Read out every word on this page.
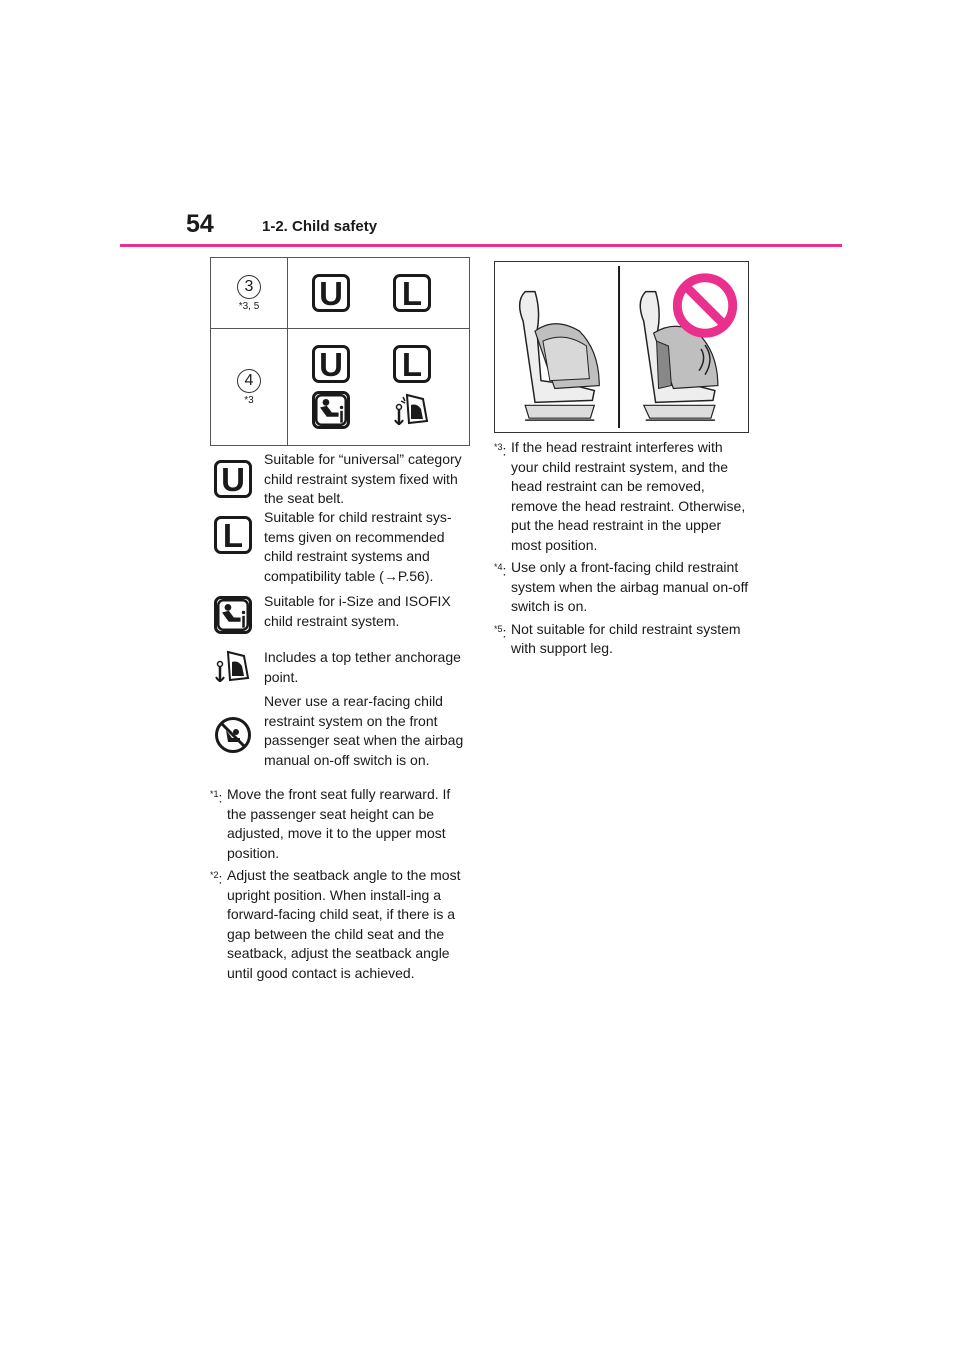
54	1-2. Child safety
3
*3, 5 U L
4
*3
U L
U
Suitable for “universal” category child restraint system fixed with the seat belt.
L	Suitable for child restraint sys-tems given on recommended child restraint systems and compatibility table (→P.56).
Suitable for i-Size and ISOFIX child restraint system.
Includes a top tether anchorage point.
Never use a rear-facing child restraint system on the front passenger seat when the airbag manual on-off switch is on.
$^{*1}$: Move the front seat fully rearward. If the passenger seat height can be adjusted, move it to the upper most position.
$^{*2}$: Adjust the seatback angle to the most upright position. When install-ing a forward-facing child seat, if there is a gap between the child seat and the seatback, adjust the seatback angle until good contact is achieved.
$^{*3}$: If the head restraint interferes with your child restraint system, and the head restraint can be removed, remove the head restraint. Otherwise, put the head restraint in the upper most position.
$^{*4}$: Use only a front-facing child restraint system when the airbag manual on-off switch is on.
$^{*5}$: Not suitable for child restraint system with support leg.
